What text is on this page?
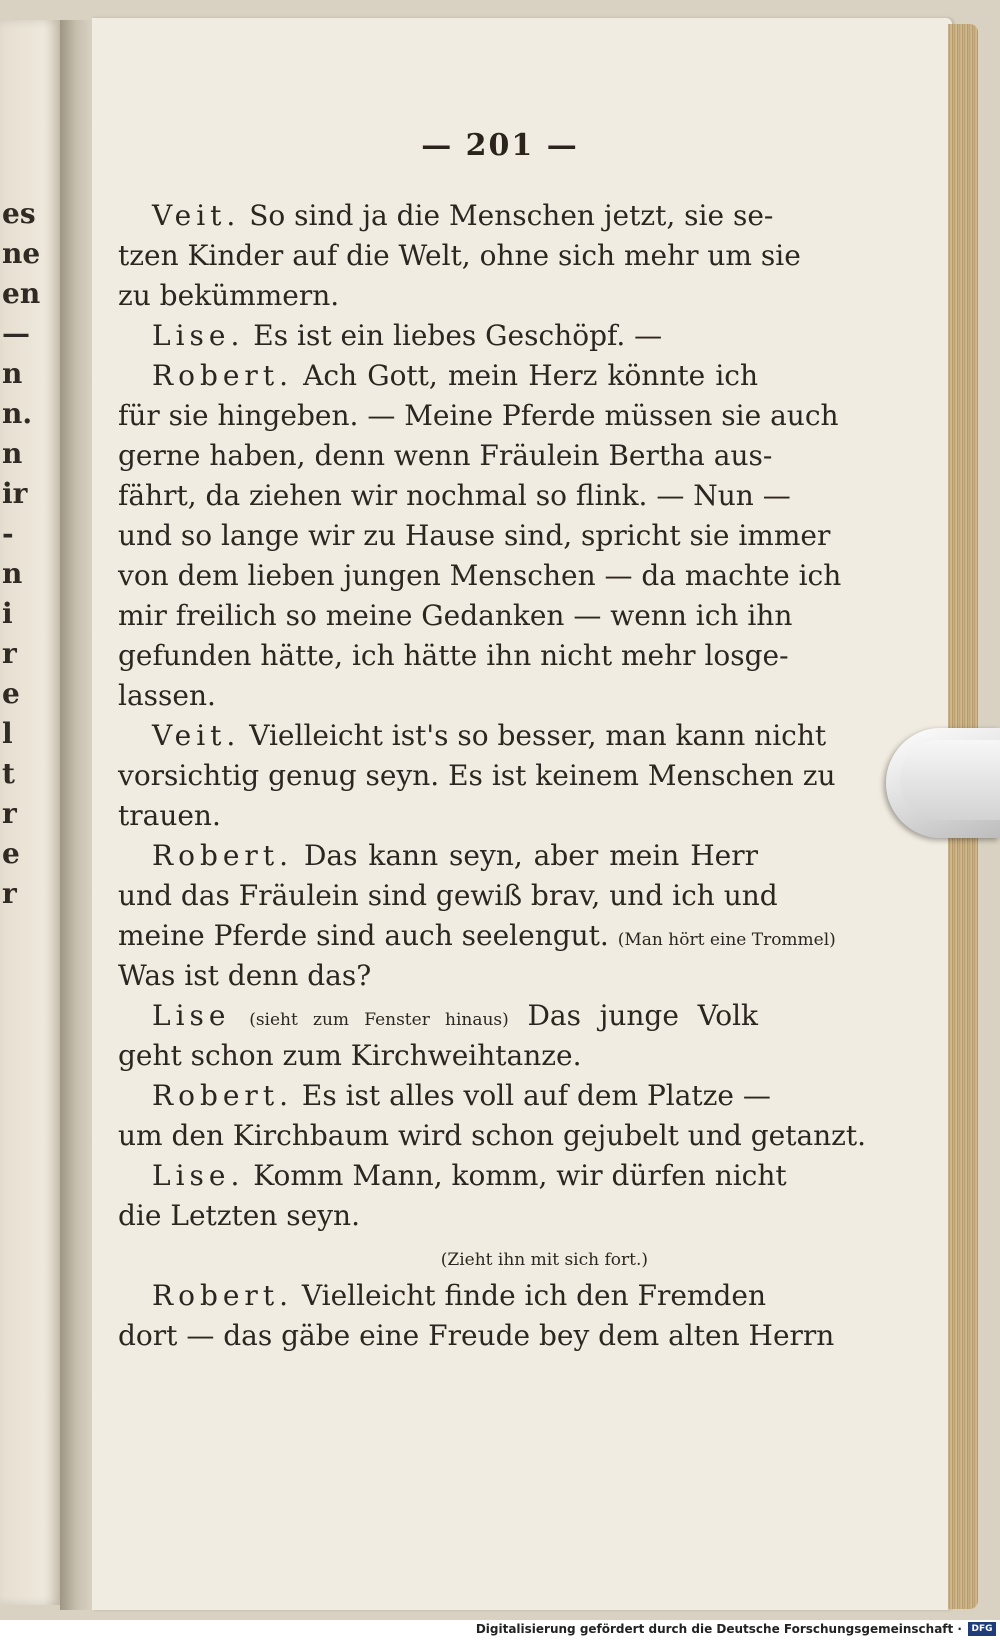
es
ne
en
—
n
n.
n
ir
-
n
i
r
e
l
t
r
e
r
— 201 —
Veit. So sind ja die Menschen jetzt, sie se-
tzen Kinder auf die Welt, ohne sich mehr um sie
zu bekümmern.
Lise. Es ist ein liebes Geschöpf. —
Robert. Ach Gott, mein Herz könnte ich
für sie hingeben. — Meine Pferde müssen sie auch
gerne haben, denn wenn Fräulein Bertha aus-
fährt, da ziehen wir nochmal so flink. — Nun —
und so lange wir zu Hause sind, spricht sie immer
von dem lieben jungen Menschen — da machte ich
mir freilich so meine Gedanken — wenn ich ihn
gefunden hätte, ich hätte ihn nicht mehr losge-
lassen.
Veit. Vielleicht ist's so besser, man kann nicht
vorsichtig genug seyn. Es ist keinem Menschen zu
trauen.
Robert. Das kann seyn, aber mein Herr
und das Fräulein sind gewiß brav, und ich und
meine Pferde sind auch seelengut. (Man hört eine Trommel)
Was ist denn das?
Lise (sieht zum Fenster hinaus) Das junge Volk
geht schon zum Kirchweihtanze.
Robert. Es ist alles voll auf dem Platze —
um den Kirchbaum wird schon gejubelt und getanzt.
Lise. Komm Mann, komm, wir dürfen nicht
die Letzten seyn.
(Zieht ihn mit sich fort.)
Robert. Vielleicht finde ich den Fremden
dort — das gäbe eine Freude bey dem alten Herrn
Digitalisierung gefördert durch die Deutsche Forschungsgemeinschaft ·	DFG
